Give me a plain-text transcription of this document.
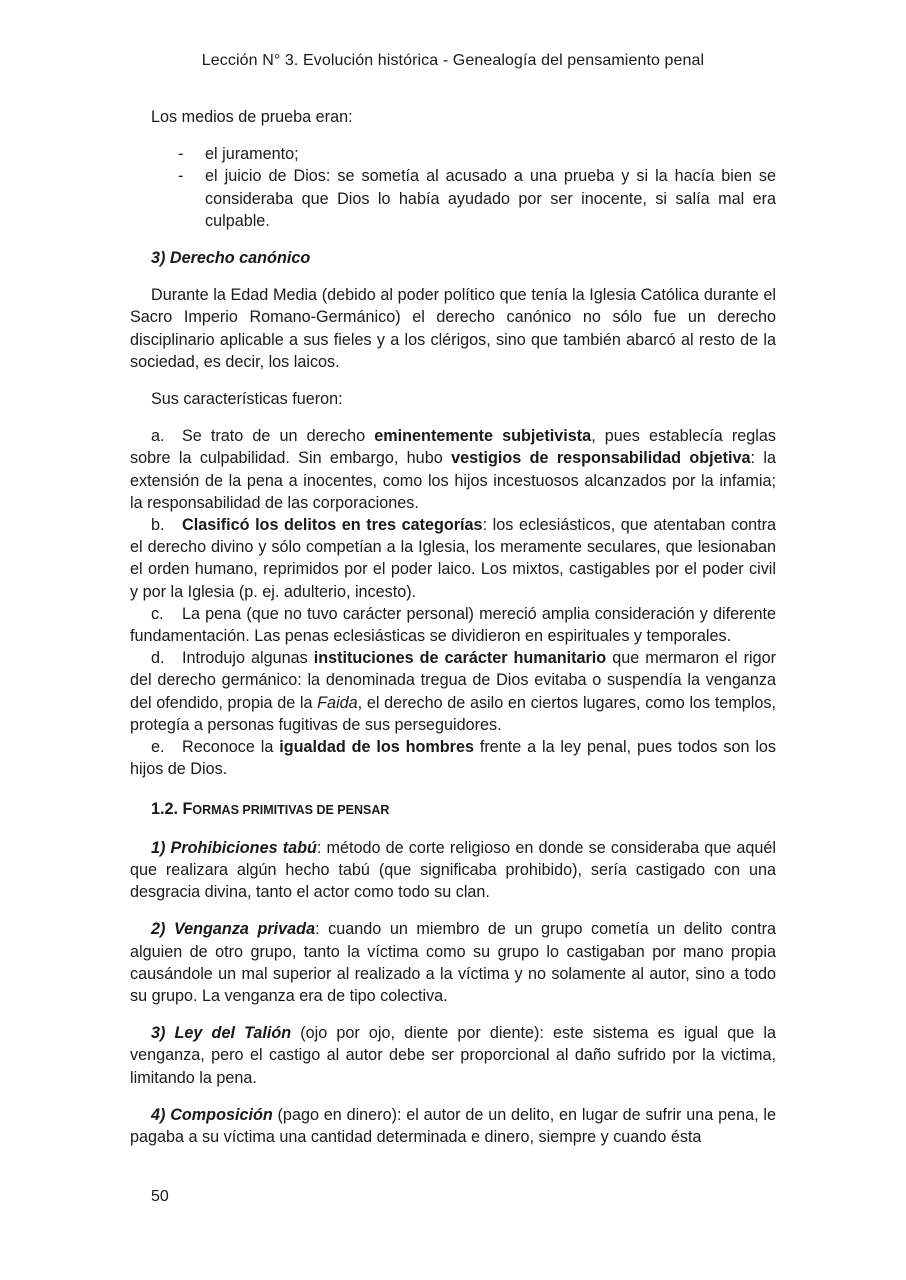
Lección N° 3. Evolución histórica - Genealogía del pensamiento penal

Los medios de prueba eran:

- el juramento;
- el juicio de Dios: se sometía al acusado a una prueba y si la hacía bien se consideraba que Dios lo había ayudado por ser inocente, si salía mal era culpable.

3) Derecho canónico

Durante la Edad Media (debido al poder político que tenía la Iglesia Católica durante el Sacro Imperio Romano-Germánico) el derecho canónico no sólo fue un derecho disciplinario aplicable a sus fieles y a los clérigos, sino que también abarcó al resto de la sociedad, es decir, los laicos.

Sus características fueron:

a. Se trato de un derecho eminentemente subjetivista, pues establecía reglas sobre la culpabilidad. Sin embargo, hubo vestigios de responsabilidad objetiva: la extensión de la pena a inocentes, como los hijos incestuosos alcanzados por la infamia; la responsabilidad de las corporaciones.

b. Clasificó los delitos en tres categorías: los eclesiásticos, que atentaban contra el derecho divino y sólo competían a la Iglesia, los meramente seculares, que lesionaban el orden humano, reprimidos por el poder laico. Los mixtos, castigables por el poder civil y por la Iglesia (p. ej. adulterio, incesto).

c. La pena (que no tuvo carácter personal) mereció amplia consideración y diferente fundamentación. Las penas eclesiásticas se dividieron en espirituales y temporales.

d. Introdujo algunas instituciones de carácter humanitario que mermaron el rigor del derecho germánico: la denominada tregua de Dios evitaba o suspendía la venganza del ofendido, propia de la Faida, el derecho de asilo en ciertos lugares, como los templos, protegía a personas fugitivas de sus perseguidores.

e. Reconoce la igualdad de los hombres frente a la ley penal, pues todos son los hijos de Dios.

1.2. FORMAS PRIMITIVAS DE PENSAR

1) Prohibiciones tabú: método de corte religioso en donde se consideraba que aquél que realizara algún hecho tabú (que significaba prohibido), sería castigado con una desgracia divina, tanto el actor como todo su clan.

2) Venganza privada: cuando un miembro de un grupo cometía un delito contra alguien de otro grupo, tanto la víctima como su grupo lo castigaban por mano propia causándole un mal superior al realizado a la víctima y no solamente al autor, sino a todo su grupo. La venganza era de tipo colectiva.

3) Ley del Talión (ojo por ojo, diente por diente): este sistema es igual que la venganza, pero el castigo al autor debe ser proporcional al daño sufrido por la victima, limitando la pena.

4) Composición (pago en dinero): el autor de un delito, en lugar de sufrir una pena, le pagaba a su víctima una cantidad determinada e dinero, siempre y cuando ésta

50
